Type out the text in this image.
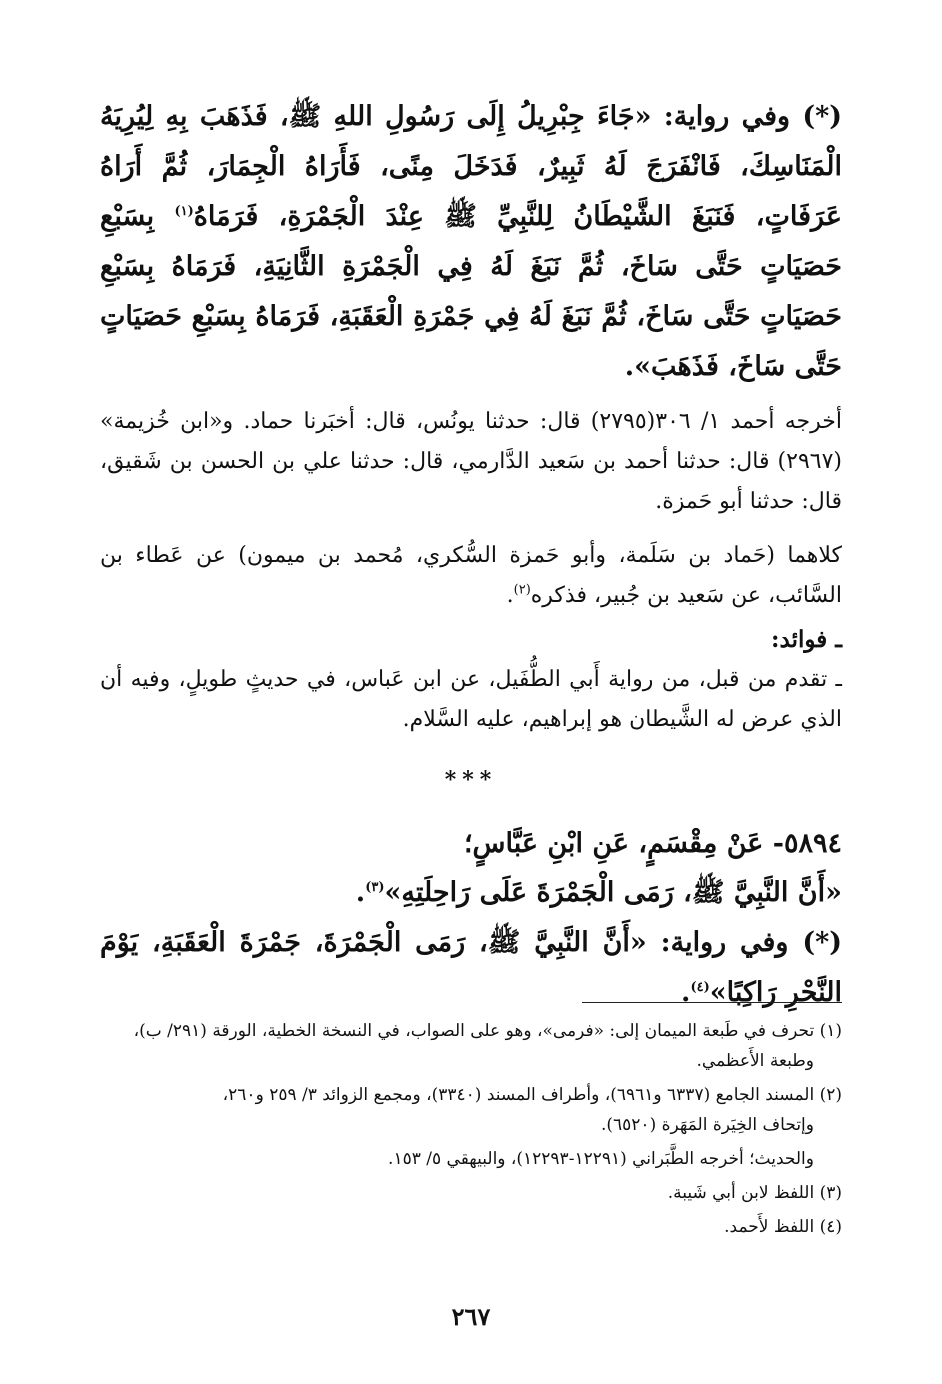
(*) وفي رواية: «جَاءَ جِبْرِيلُ إِلَى رَسُولِ اللهِ ﷺ، فَذَهَبَ بِهِ لِيُرِيَهُ الْمَنَاسِكَ، فَانْفَرَجَ لَهُ ثَبِيرٌ، فَدَخَلَ مِنًى، فَأَرَاهُ الْجِمَارَ، ثُمَّ أَرَاهُ عَرَفَاتٍ، فَنَبَغَ الشَّيْطَانُ لِلنَّبِيِّ ﷺ عِنْدَ الْجَمْرَةِ، فَرَمَاهُ$^{(١)}$ بِسَبْعِ حَصَيَاتٍ حَتَّى سَاخَ، ثُمَّ نَبَغَ لَهُ فِي الْجَمْرَةِ الثَّانِيَةِ، فَرَمَاهُ بِسَبْعِ حَصَيَاتٍ حَتَّى سَاخَ، ثُمَّ نَبَغَ لَهُ فِي جَمْرَةِ الْعَقَبَةِ، فَرَمَاهُ بِسَبْعِ حَصَيَاتٍ حَتَّى سَاخَ، فَذَهَبَ».

أخرجه أحمد ١/ ٣٠٦(٢٧٩٥) قال: حدثنا يونُس، قال: أخبَرنا حماد. و«ابن خُزيمة» (٢٩٦٧) قال: حدثنا أحمد بن سَعيد الدَّارمي، قال: حدثنا علي بن الحسن بن شَقيق، قال: حدثنا أبو حَمزة.

كلاهما (حَماد بن سَلَمة، وأبو حَمزة السُّكري، مُحمد بن ميمون) عن عَطاء بن السَّائب، عن سَعيد بن جُبير، فذكره$^{(٢)}$.

ـ فوائد:

ـ تقدم من قبل، من رواية أَبي الطُّفَيل، عن ابن عَباس، في حديثٍ طويلٍ، وفيه أن الذي عرض له الشَّيطان هو إبراهيم، عليه السَّلام.

***

٥٨٩٤- عَنْ مِقْسَمٍ، عَنِ ابْنِ عَبَّاسٍ؛

«أَنَّ النَّبِيَّ ﷺ، رَمَى الْجَمْرَةَ عَلَى رَاحِلَتِهِ»$^{(٣)}$.

(*) وفي رواية: «أَنَّ النَّبِيَّ ﷺ، رَمَى الْجَمْرَةَ، جَمْرَةَ الْعَقَبَةِ، يَوْمَ النَّحْرِ رَاكِبًا»$^{(٤)}$.

(١) تحرف في طَبعة الميمان إلى: «فرمى»، وهو على الصواب، في النسخة الخطية، الورقة (٢٩١/ ب)،
وطبعة الأَعظمي.

(٢) المسند الجامع (٦٣٣٧ و٦٩٦١)، وأطراف المسند (٣٣٤٠)، ومجمع الزوائد ٣/ ٢٥٩ و٢٦٠،
وإتحاف الخِيَرة المَهَرة (٦٥٢٠).

والحديث؛ أخرجه الطَّبَراني (١٢٢٩١-١٢٢٩٣)، والبيهقي ٥/ ١٥٣.

(٣) اللفظ لابن أبي شَيبة.

(٤) اللفظ لأَحمد.

٢٦٧
